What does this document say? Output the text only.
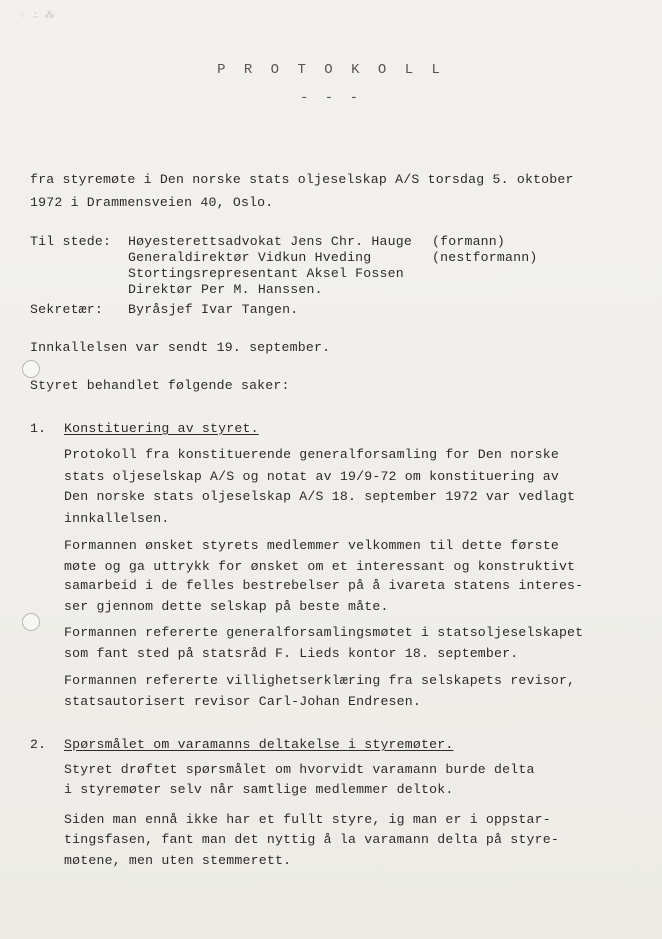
⁘ ∴ ⁂
P R O T O K O L L
- - -
fra styremøte i Den norske stats oljeselskap A/S torsdag 5. oktober
1972 i Drammensveien 40, Oslo.
Til stede: Høyesterettsadvokat Jens Chr. Hauge (formann)
Generaldirektør Vidkun Hveding	(nestformann)
Stortingsrepresentant Aksel Fossen
Direktør Per M. Hanssen.
Sekretær: Byråsjef Ivar Tangen.
Innkallelsen var sendt 19. september.
Styret behandlet følgende saker:
1. Konstituering av styret.
Protokoll fra konstituerende generalforsamling for Den norske
stats oljeselskap A/S og notat av 19/9-72 om konstituering av
Den norske stats oljeselskap A/S 18. september 1972 var vedlagt
innkallelsen.
Formannen ønsket styrets medlemmer velkommen til dette første
møte og ga uttrykk for ønsket om et interessant og konstruktivt
samarbeid i de felles bestrebelser på å ivareta statens interes-
ser gjennom dette selskap på beste måte.
Formannen refererte generalforsamlingsmøtet i statsoljeselskapet
som fant sted på statsråd F. Lieds kontor 18. september.
Formannen refererte villighetserklæring fra selskapets revisor,
statsautorisert revisor Carl-Johan Endresen.
2. Spørsmålet om varamanns deltakelse i styremøter.
Styret drøftet spørsmålet om hvorvidt varamann burde delta
i styremøter selv når samtlige medlemmer deltok.
Siden man ennå ikke har et fullt styre, ig man er i oppstar-
tingsfasen, fant man det nyttig å la varamann delta på styre-
møtene, men uten stemmerett.
